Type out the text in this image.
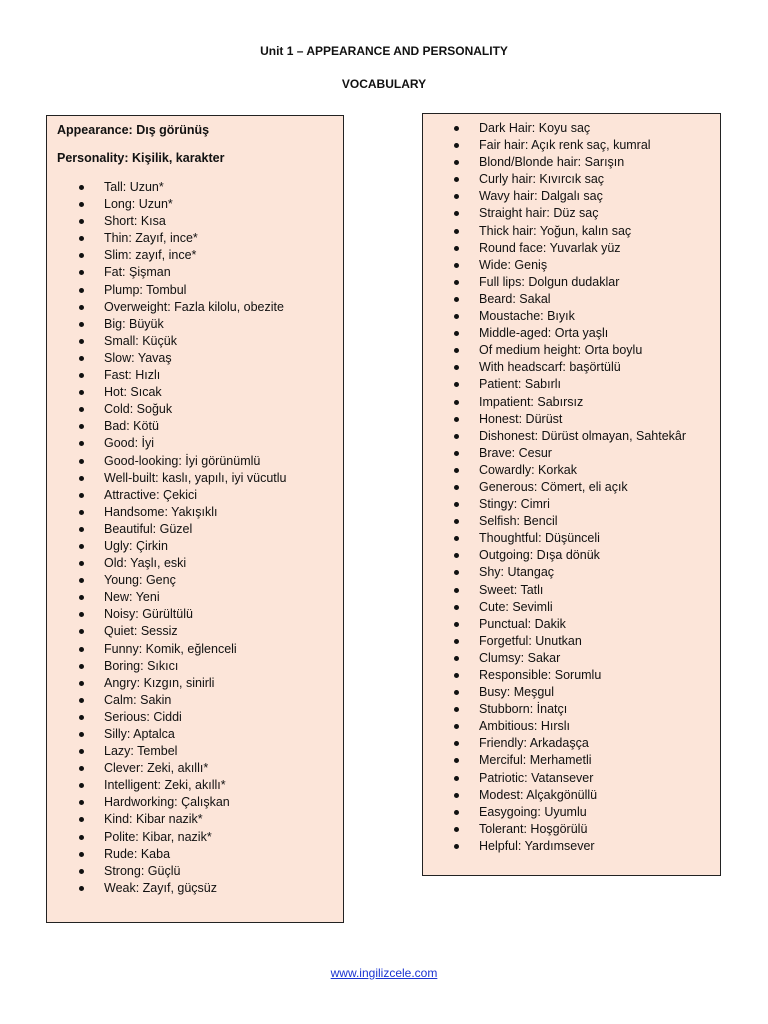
Unit 1 – APPEARANCE AND PERSONALITY
VOCABULARY
Appearance: Dış görünüş
Personality: Kişilik, karakter
Tall: Uzun*
Long: Uzun*
Short: Kısa
Thin: Zayıf, ince*
Slim: zayıf, ince*
Fat: Şişman
Plump: Tombul
Overweight: Fazla kilolu, obezite
Big: Büyük
Small: Küçük
Slow: Yavaş
Fast: Hızlı
Hot: Sıcak
Cold: Soğuk
Bad: Kötü
Good: İyi
Good-looking: İyi görünümlü
Well-built: kaslı, yapılı, iyi vücutlu
Attractive: Çekici
Handsome: Yakışıklı
Beautiful: Güzel
Ugly: Çirkin
Old: Yaşlı, eski
Young: Genç
New: Yeni
Noisy: Gürültülü
Quiet: Sessiz
Funny: Komik, eğlenceli
Boring: Sıkıcı
Angry: Kızgın, sinirli
Calm: Sakin
Serious: Ciddi
Silly: Aptalca
Lazy: Tembel
Clever: Zeki, akıllı*
Intelligent: Zeki, akıllı*
Hardworking: Çalışkan
Kind: Kibar nazik*
Polite: Kibar, nazik*
Rude: Kaba
Strong: Güçlü
Weak: Zayıf, güçsüz
Dark Hair: Koyu saç
Fair hair: Açık renk saç, kumral
Blond/Blonde hair: Sarışın
Curly hair: Kıvırcık saç
Wavy hair: Dalgalı saç
Straight hair: Düz saç
Thick hair: Yoğun, kalın saç
Round face: Yuvarlak yüz
Wide: Geniş
Full lips: Dolgun dudaklar
Beard: Sakal
Moustache: Bıyık
Middle-aged: Orta yaşlı
Of medium height: Orta boylu
With headscarf: başörtülü
Patient: Sabırlı
Impatient: Sabırsız
Honest: Dürüst
Dishonest: Dürüst olmayan, Sahtekâr
Brave: Cesur
Cowardly: Korkak
Generous: Cömert, eli açık
Stingy: Cimri
Selfish: Bencil
Thoughtful: Düşünceli
Outgoing: Dışa dönük
Shy: Utangaç
Sweet: Tatlı
Cute: Sevimli
Punctual: Dakik
Forgetful: Unutkan
Clumsy: Sakar
Responsible: Sorumlu
Busy: Meşgul
Stubborn: İnatçı
Ambitious: Hırslı
Friendly: Arkadaşça
Merciful: Merhametli
Patriotic: Vatansever
Modest: Alçakgönüllü
Easygoing: Uyumlu
Tolerant: Hoşgörülü
Helpful: Yardımsever
www.ingilizcele.com
